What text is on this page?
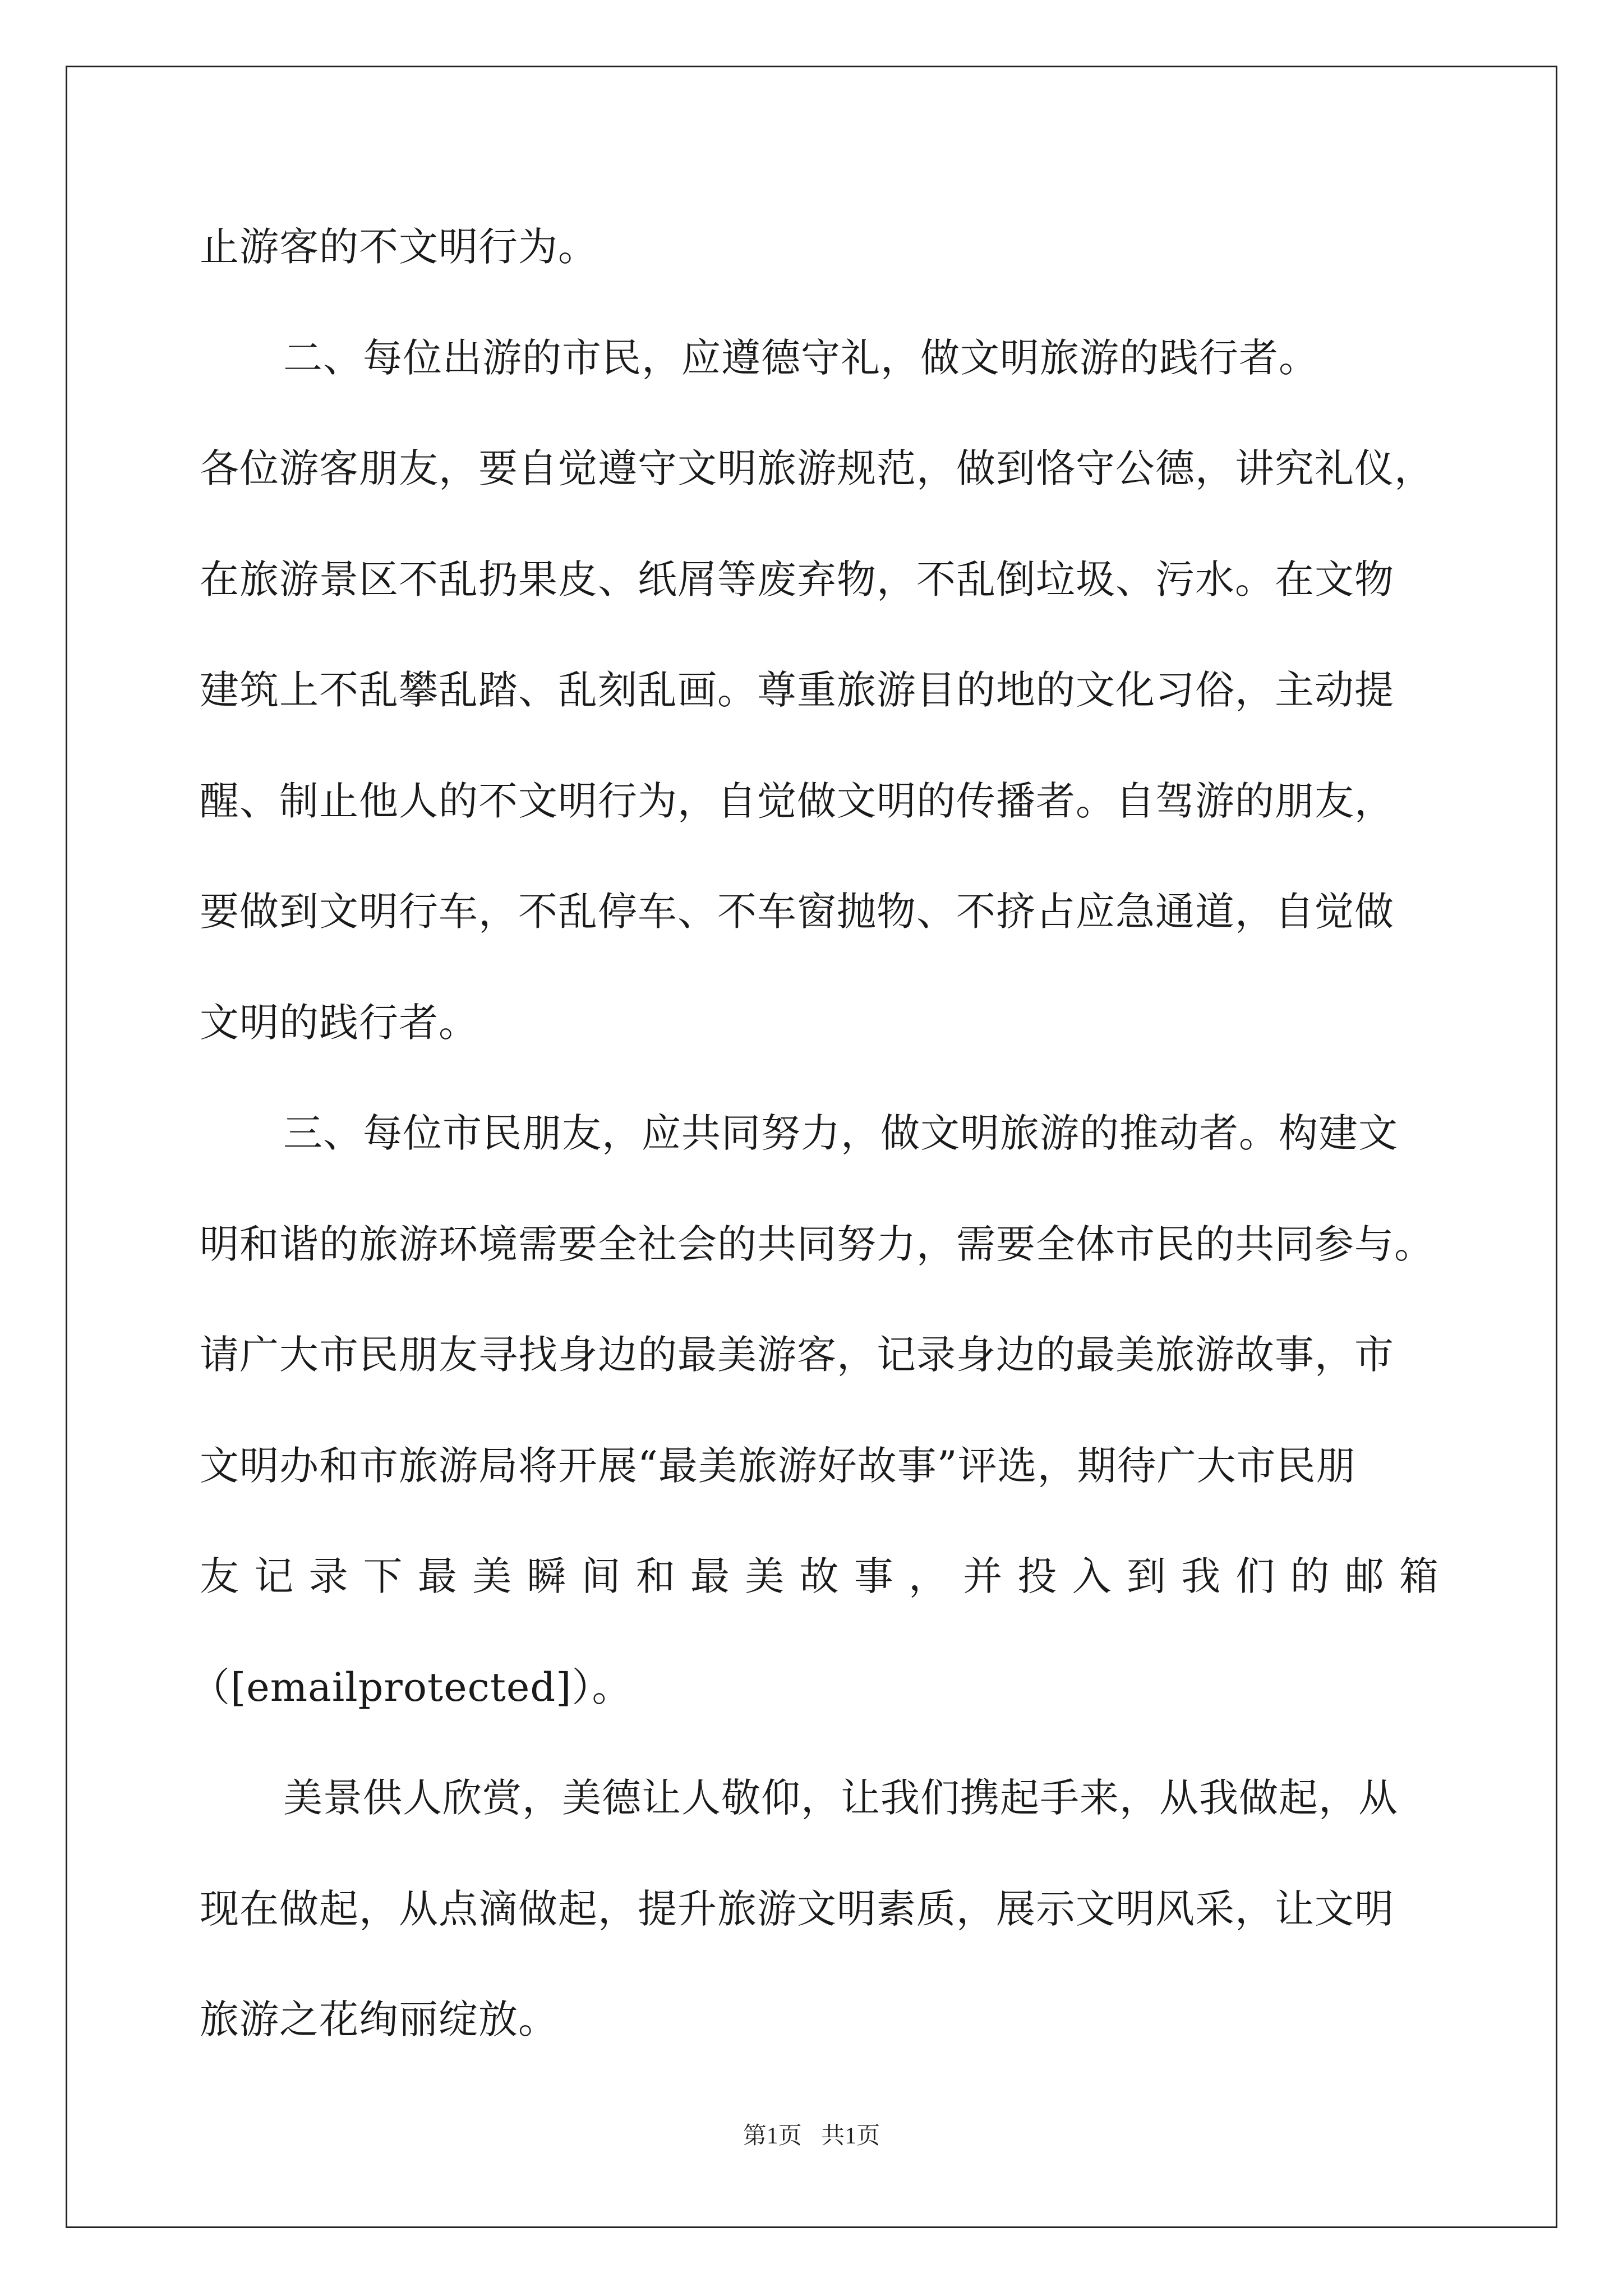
止游客的不文明行为。
二、每位出游的市民，应遵德守礼，做文明旅游的践行者。
各位游客朋友，要自觉遵守文明旅游规范，做到恪守公德，讲究礼仪，
在旅游景区不乱扔果皮、纸屑等废弃物，不乱倒垃圾、污水。在文物
建筑上不乱攀乱踏、乱刻乱画。尊重旅游目的地的文化习俗，主动提
醒、制止他人的不文明行为，自觉做文明的传播者。自驾游的朋友，
要做到文明行车，不乱停车、不车窗抛物、不挤占应急通道，自觉做
文明的践行者。
三、每位市民朋友，应共同努力，做文明旅游的推动者。构建文
明和谐的旅游环境需要全社会的共同努力，需要全体市民的共同参与。
请广大市民朋友寻找身边的最美游客，记录身边的最美旅游故事，市
文明办和市旅游局将开展“最美旅游好故事”评选，期待广大市民朋
友记录下最美瞬间和最美故事，并投入到我们的邮箱
（[emailprotected]）。
美景供人欣赏，美德让人敬仰，让我们携起手来，从我做起，从
现在做起，从点滴做起，提升旅游文明素质，展示文明风采，让文明
旅游之花绚丽绽放。
第1页 共1页
